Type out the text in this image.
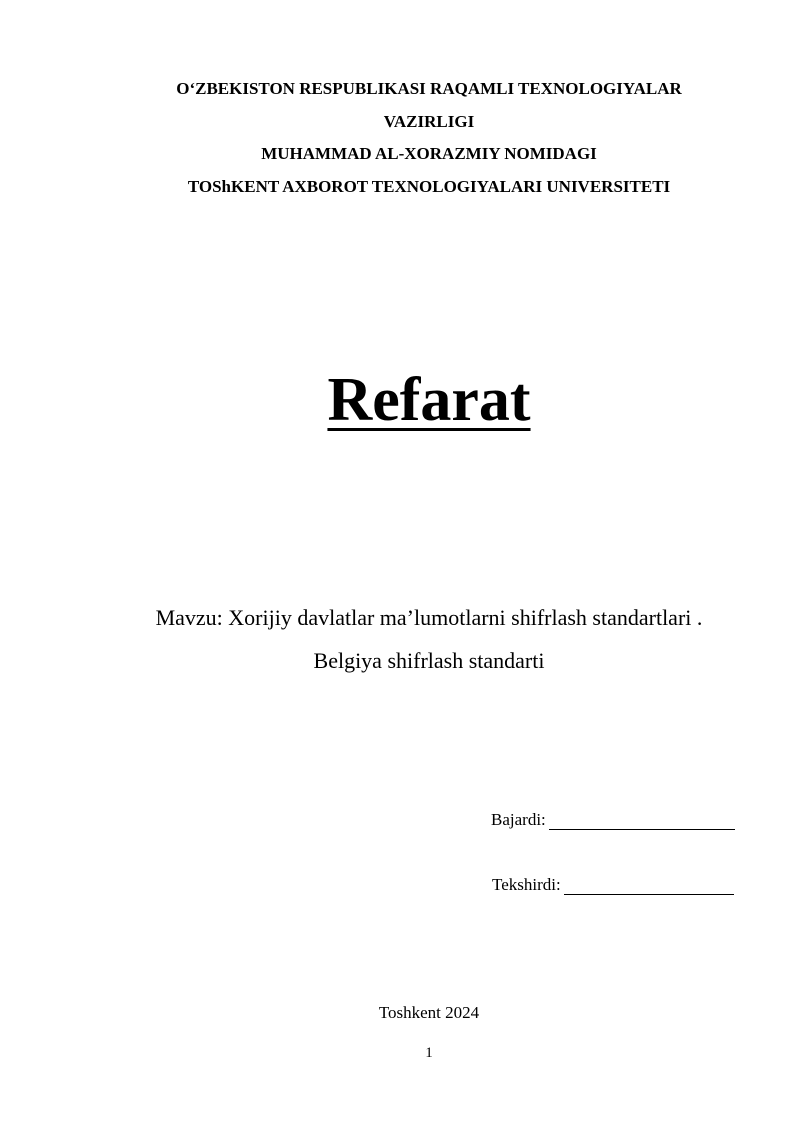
O‘ZBEKISTON RESPUBLIKASI RAQAMLI TEXNOLOGIYALAR
VAZIRLIGI
MUHAMMAD AL-XORAZMIY NOMIDAGI
TOShKENT AXBOROT TEXNOLOGIYALARI UNIVERSITETI
Refarat
Mavzu: Xorijiy davlatlar ma’lumotlarni shifrlash standartlari .
Belgiya shifrlash standarti
Bajardi:
Tekshirdi:
Toshkent 2024
1
